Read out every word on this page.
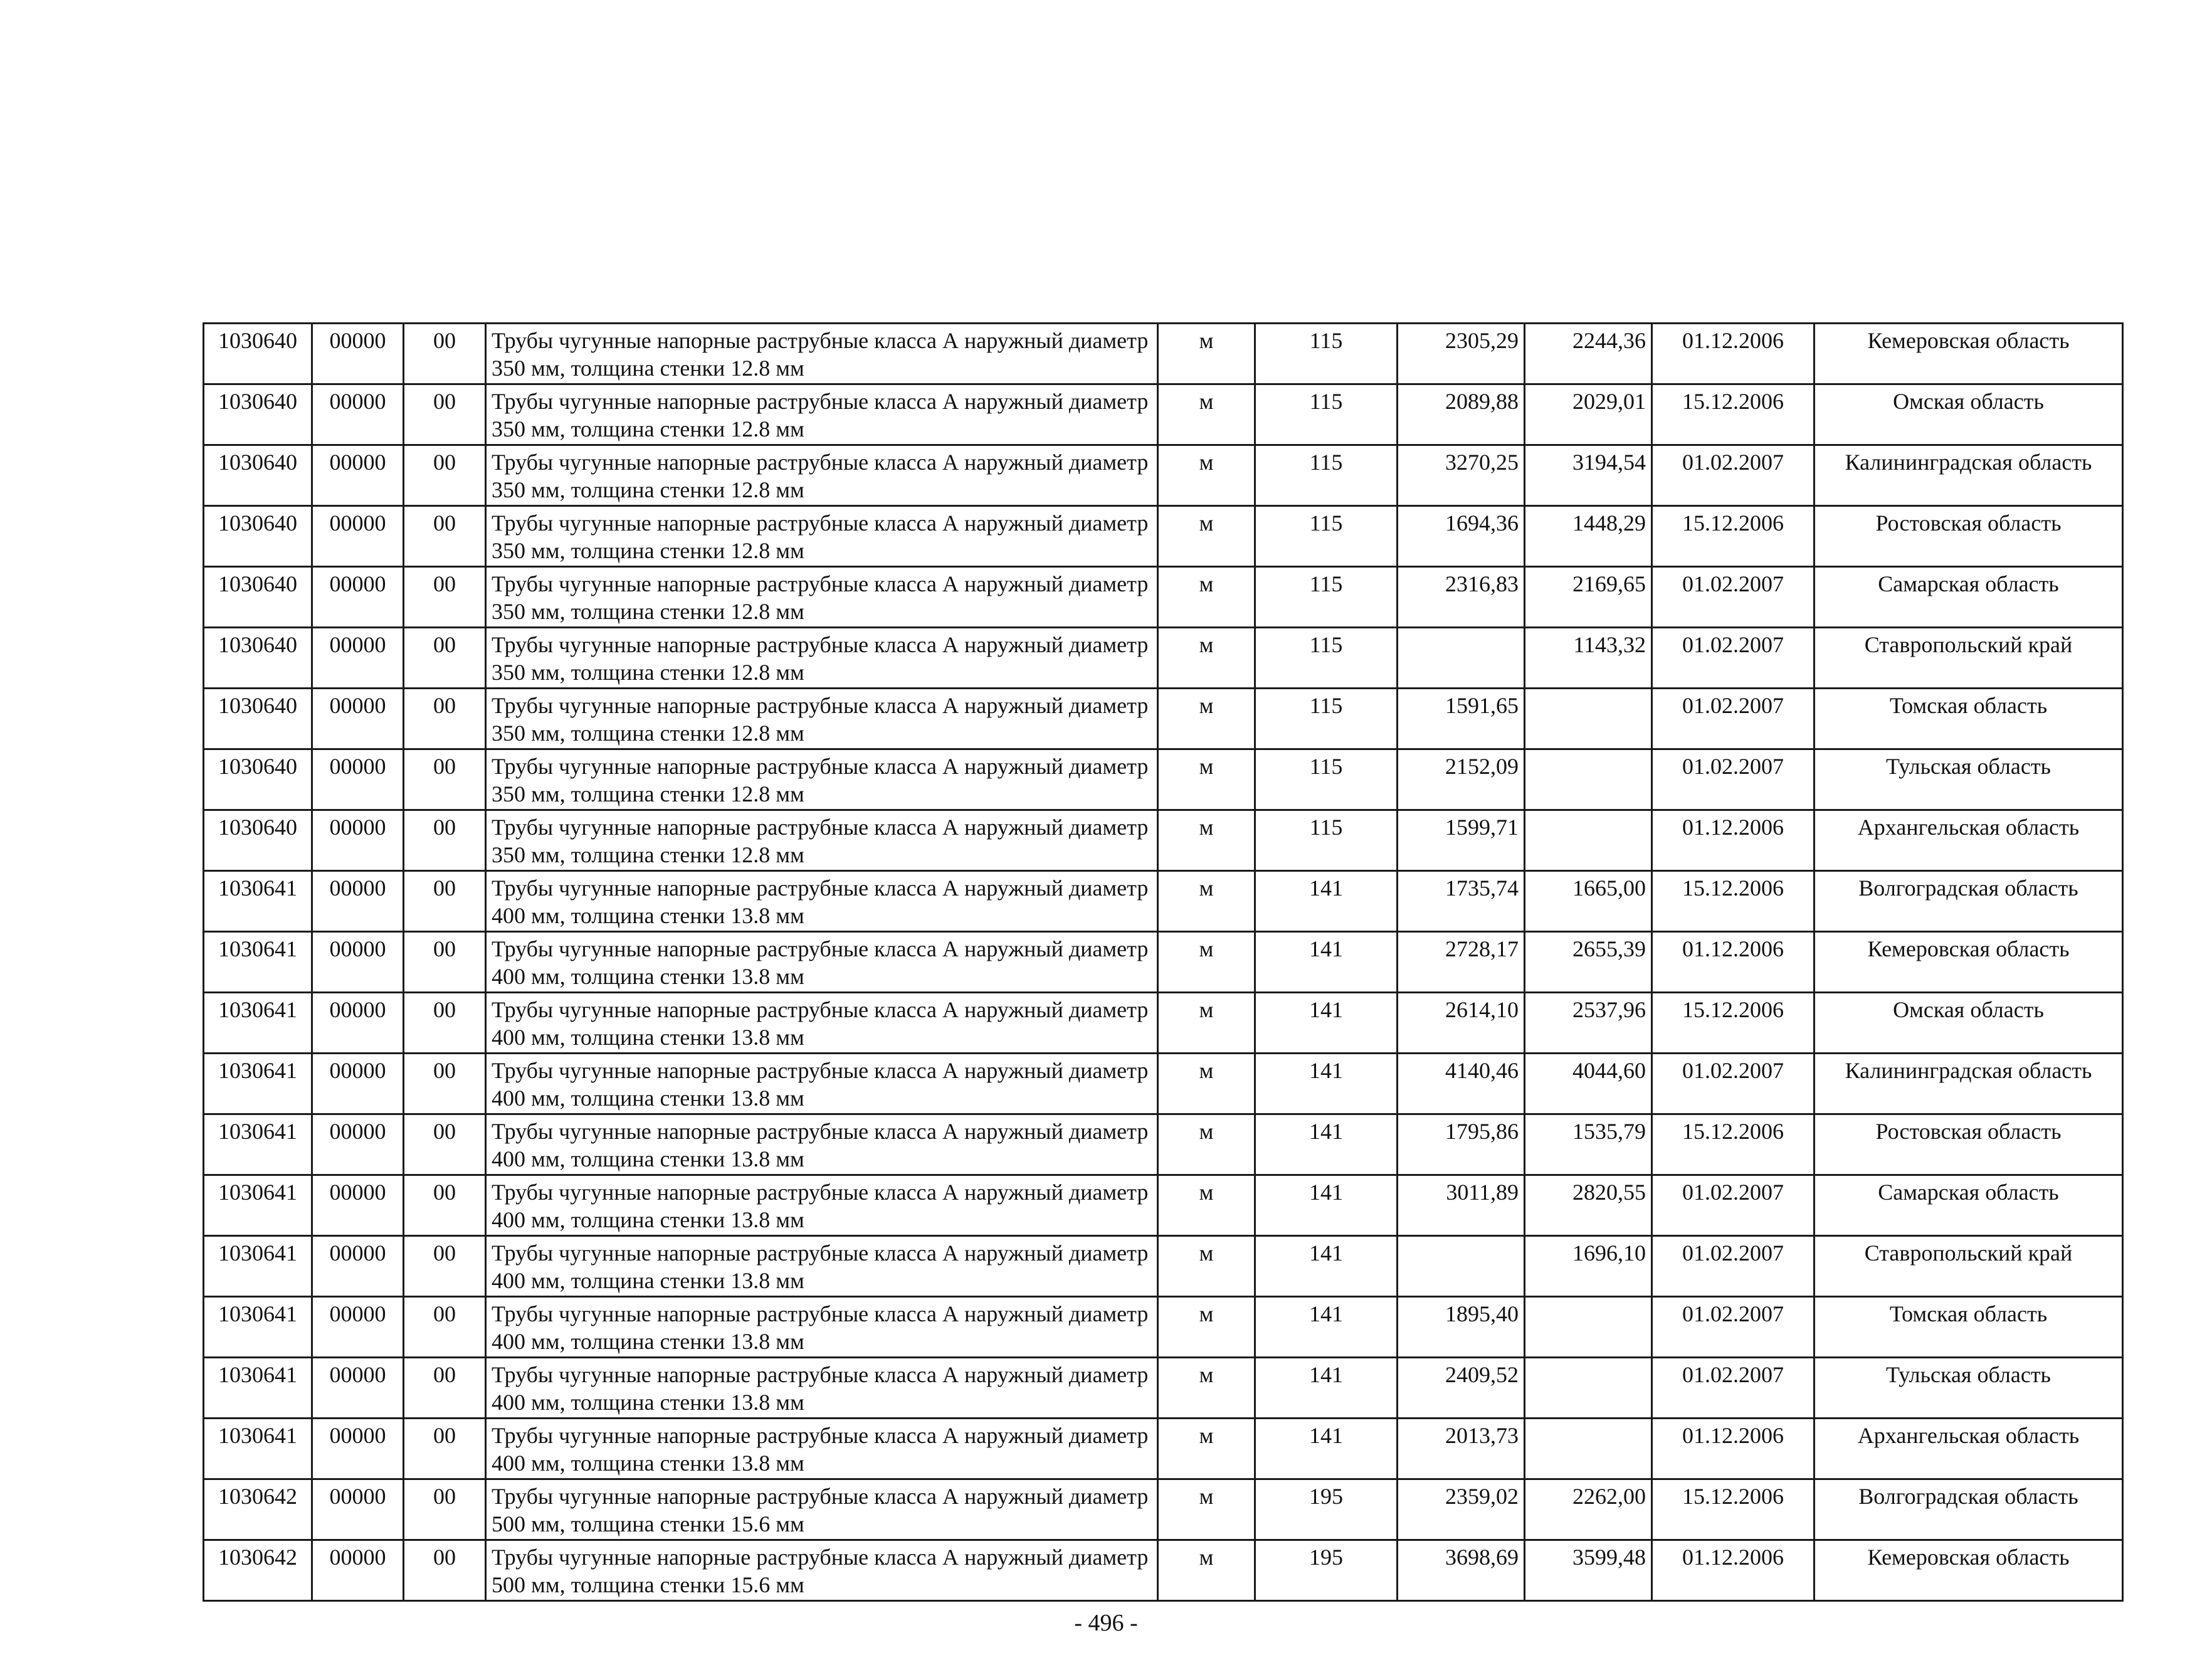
1030640	00000	00	Трубы чугунные напорные раструбные класса А наружный диаметр 350 мм, толщина стенки 12.8 мм	м	115	2305,29	2244,36	01.12.2006	Кемеровская область
1030640	00000	00	Трубы чугунные напорные раструбные класса А наружный диаметр 350 мм, толщина стенки 12.8 мм	м	115	2089,88	2029,01	15.12.2006	Омская область
1030640	00000	00	Трубы чугунные напорные раструбные класса А наружный диаметр 350 мм, толщина стенки 12.8 мм	м	115	3270,25	3194,54	01.02.2007	Калининградская область
1030640	00000	00	Трубы чугунные напорные раструбные класса А наружный диаметр 350 мм, толщина стенки 12.8 мм	м	115	1694,36	1448,29	15.12.2006	Ростовская область
1030640	00000	00	Трубы чугунные напорные раструбные класса А наружный диаметр 350 мм, толщина стенки 12.8 мм	м	115	2316,83	2169,65	01.02.2007	Самарская область
1030640	00000	00	Трубы чугунные напорные раструбные класса А наружный диаметр 350 мм, толщина стенки 12.8 мм	м	115		1143,32	01.02.2007	Ставропольский край
1030640	00000	00	Трубы чугунные напорные раструбные класса А наружный диаметр 350 мм, толщина стенки 12.8 мм	м	115	1591,65		01.02.2007	Томская область
1030640	00000	00	Трубы чугунные напорные раструбные класса А наружный диаметр 350 мм, толщина стенки 12.8 мм	м	115	2152,09		01.02.2007	Тульская область
1030640	00000	00	Трубы чугунные напорные раструбные класса А наружный диаметр 350 мм, толщина стенки 12.8 мм	м	115	1599,71		01.12.2006	Архангельская область
1030641	00000	00	Трубы чугунные напорные раструбные класса А наружный диаметр 400 мм, толщина стенки 13.8 мм	м	141	1735,74	1665,00	15.12.2006	Волгоградская область
1030641	00000	00	Трубы чугунные напорные раструбные класса А наружный диаметр 400 мм, толщина стенки 13.8 мм	м	141	2728,17	2655,39	01.12.2006	Кемеровская область
1030641	00000	00	Трубы чугунные напорные раструбные класса А наружный диаметр 400 мм, толщина стенки 13.8 мм	м	141	2614,10	2537,96	15.12.2006	Омская область
1030641	00000	00	Трубы чугунные напорные раструбные класса А наружный диаметр 400 мм, толщина стенки 13.8 мм	м	141	4140,46	4044,60	01.02.2007	Калининградская область
1030641	00000	00	Трубы чугунные напорные раструбные класса А наружный диаметр 400 мм, толщина стенки 13.8 мм	м	141	1795,86	1535,79	15.12.2006	Ростовская область
1030641	00000	00	Трубы чугунные напорные раструбные класса А наружный диаметр 400 мм, толщина стенки 13.8 мм	м	141	3011,89	2820,55	01.02.2007	Самарская область
1030641	00000	00	Трубы чугунные напорные раструбные класса А наружный диаметр 400 мм, толщина стенки 13.8 мм	м	141		1696,10	01.02.2007	Ставропольский край
1030641	00000	00	Трубы чугунные напорные раструбные класса А наружный диаметр 400 мм, толщина стенки 13.8 мм	м	141	1895,40		01.02.2007	Томская область
1030641	00000	00	Трубы чугунные напорные раструбные класса А наружный диаметр 400 мм, толщина стенки 13.8 мм	м	141	2409,52		01.02.2007	Тульская область
1030641	00000	00	Трубы чугунные напорные раструбные класса А наружный диаметр 400 мм, толщина стенки 13.8 мм	м	141	2013,73		01.12.2006	Архангельская область
1030642	00000	00	Трубы чугунные напорные раструбные класса А наружный диаметр 500 мм, толщина стенки 15.6 мм	м	195	2359,02	2262,00	15.12.2006	Волгоградская область
1030642	00000	00	Трубы чугунные напорные раструбные класса А наружный диаметр 500 мм, толщина стенки 15.6 мм	м	195	3698,69	3599,48	01.12.2006	Кемеровская область
- 496 -
